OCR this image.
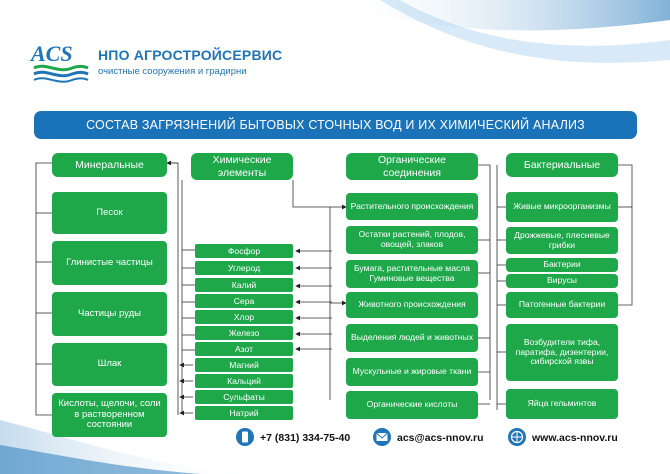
ACS НПО АГРОСТРОЙСЕРВИС
очистные сооружения и градирни
СОСТАВ ЗАГРЯЗНЕНИЙ БЫТОВЫХ СТОЧНЫХ ВОД И ИХ ХИМИЧЕСКИЙ АНАЛИЗ
Минеральные	Химические элементы
Органические соединения
Бактериальные
Песок
Глинистые частицы
Частицы руды
Шлак
Кислоты, щелочи, соли в растворенном состоянии
Фосфор
Углерод
Калий
Сера
Хлор
Железо
Азот
Магний
Кальций
Сульфаты
Натрий
Растительного происхождения
Остатки растений, плодов, овощей, злаков
Бумага, растительные масла Гуминовые вещества
Животного происхождения
Выделения людей и животных
Мускульные и жировые ткани
Органические кислоты
Живые микроорганизмы
Дрожжевые, плесневые грибки
Бактерии
Вирусы
Патогенные бактерии
Возбудители тифа, паратифа, дизентерии, сибирской язвы
Яйца гельминтов
+7 (831) 334-75-40	acs@acs-nnov.ru	www.acs-nnov.ru
